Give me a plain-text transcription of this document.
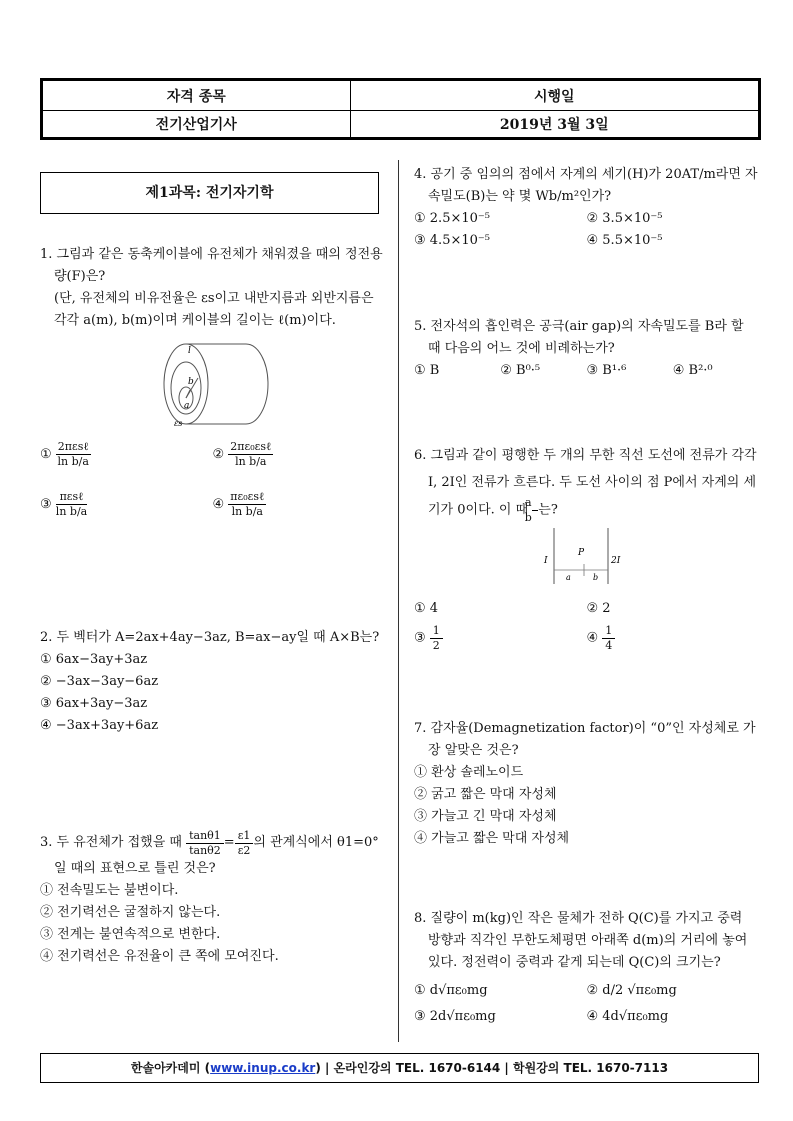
자격 종목	시행일
전기산업기사	2019년 3월 3일
제1과목: 전기자기학
1. 그림과 같은 동축케이블에 유전체가 채워졌을 때의 정전용량(F)은?
(단, 유전체의 비유전율은 εs이고 내반지름과 외반지름은 각각 a(m), b(m)이며 케이블의 길이는 ℓ(m)이다.
l
b
a
εs
① $\frac{\text{2πεsℓ}}{\text{ln b/a}}$	② $\frac{\text{2πε₀εsℓ}}{\text{ln b/a}}$
③ $\frac{\text{πεsℓ}}{\text{ln b/a}}$	④ $\frac{\text{πε₀εsℓ}}{\text{ln b/a}}$
2. 두 벡터가 A=2ax+4ay−3az, B=ax−ay일 때 A×B는?
① 6ax−3ay+3az
② −3ax−3ay−6az
③ 6ax+3ay−3az
④ −3ax+3ay+6az
3. 두 유전체가 접했을 때 $\frac{\tan\theta 1}{\tan\theta 2} = \frac{\varepsilon 1}{\varepsilon 2}$ 의 관계식에서 θ1=0°
일 때의 표현으로 틀린 것은?
① 전속밀도는 불변이다.
② 전기력선은 굴절하지 않는다.
③ 전계는 불연속적으로 변한다.
④ 전기력선은 유전율이 큰 쪽에 모여진다.
4. 공기 중 임의의 점에서 자계의 세기(H)가 20AT/m라면 자속밀도(B)는 약 몇 Wb/m²인가?
① 2.5×10⁻⁵	② 3.5×10⁻⁵
③ 4.5×10⁻⁵	④ 5.5×10⁻⁵
5. 전자석의 흡인력은 공극(air gap)의 자속밀도를 B라 할 때 다음의 어느 것에 비례하는가?
① B	② B⁰·⁵	③ B¹·⁶	④ B²·⁰
6. 그림과 같이 평행한 두 개의 무한 직선 도선에 전류가 각각 I, 2I인 전류가 흐른다. 두 도선 사이의 점 P에서 자계의 세기가 0이다. 이 때 $\frac{a}{b}$ 는?
I
P
2I
a	b
① 4	② 2
③ $\frac{1}{2}$	④ $\frac{1}{4}$
7. 감자율(Demagnetization factor)이 “0”인 자성체로 가장 알맞은 것은?
① 환상 솔레노이드
② 굵고 짧은 막대 자성체
③ 가늘고 긴 막대 자성체
④ 가늘고 짧은 막대 자성체
8. 질량이 m(kg)인 작은 물체가 전하 Q(C)를 가지고 중력 방향과 직각인 무한도체평면 아래쪽 d(m)의 거리에 놓여있다. 정전력이 중력과 같게 되는데 Q(C)의 크기는?
① d√πε₀mg	② d/2 √πε₀mg
③ 2d√πε₀mg	④ 4d√πε₀mg
한솔아카데미 (www.inup.co.kr) | 온라인강의 TEL. 1670-6144 | 학원강의 TEL. 1670-7113
